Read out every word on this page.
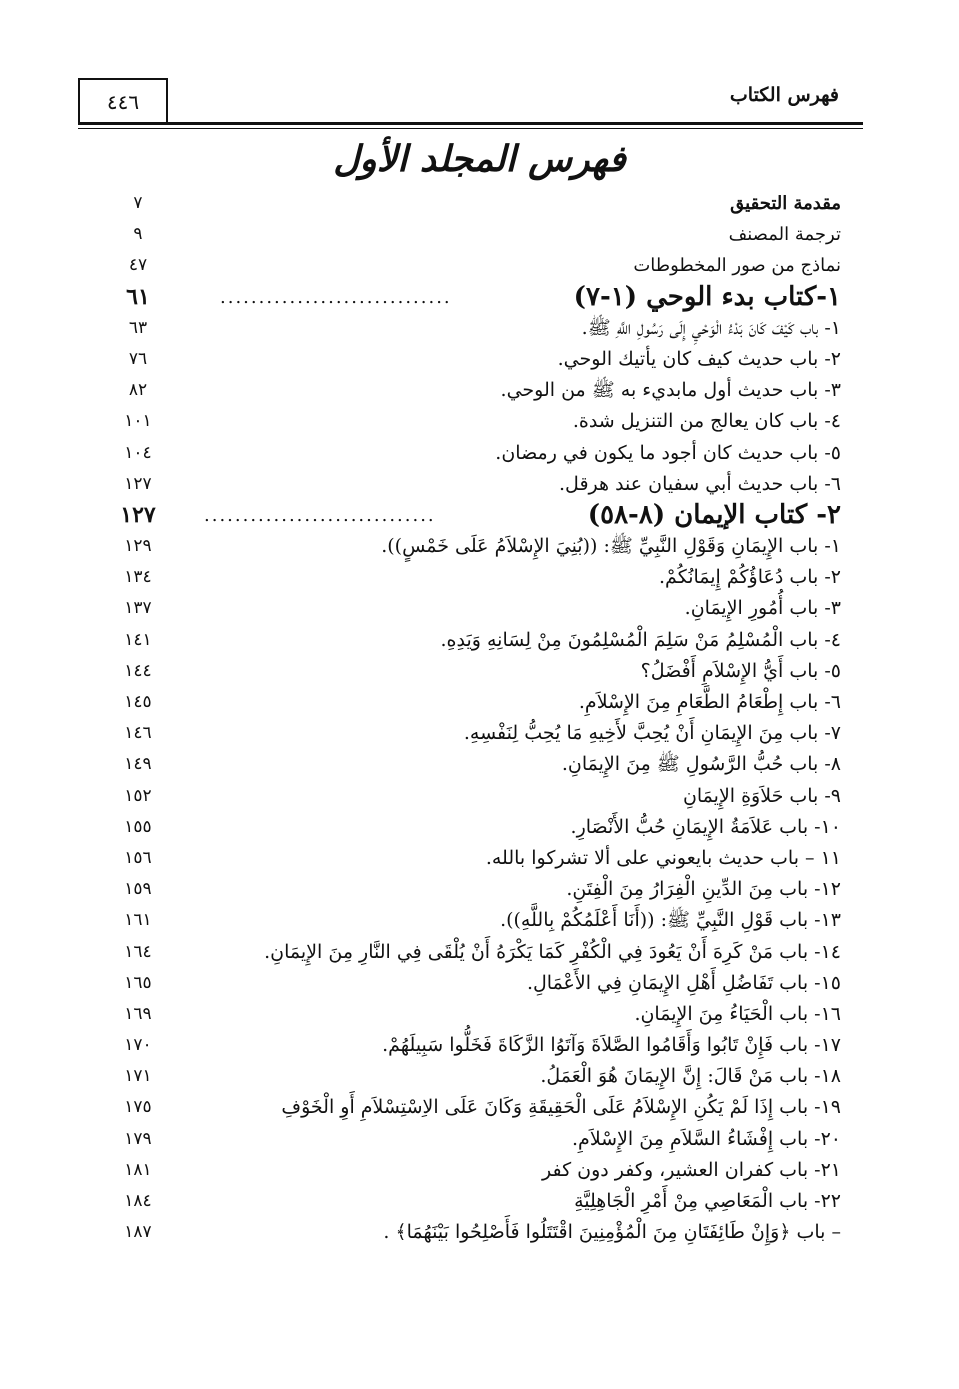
فهرس الكتاب
٤٤٦
فهرس المجلد الأول
مقدمة التحقيق
٧
ترجمة المصنف
٩
نماذج من صور المخطوطات
٤٧
١-كتاب بدء الوحي (١-٧)
..............................
٦١
١- باب كَيْفَ كَانَ بَدْءُ الْوَحْيِ إِلَى رَسُولِ اللَّهِ ﷺ.
٦٣
٢- باب حديث كيف كان يأتيك الوحي.
٧٦
٣- باب حديث أول مابديء به ﷺ من الوحي.
٨٢
٤- باب كان يعالج من التنزيل شدة.
١٠١
٥- باب حديث كان أجود ما يكون في رمضان.
١٠٤
٦- باب حديث أبي سفيان عند هرقل.
١٢٧
٢- كتاب الإيمان (٨-٥٨)
..............................
١٢٧
١- باب الإِيمَانِ وَقَوْلِ النَّبِيِّ ﷺ: ((بُنِيَ الإِسْلاَمُ عَلَى خَمْسٍ)).
١٢٩
٢- باب دُعَاؤُكُمْ إِيمَانُكُمْ.
١٣٤
٣- باب أُمُورِ الإِيمَانِ.
١٣٧
٤- باب الْمُسْلِمُ مَنْ سَلِمَ الْمُسْلِمُونَ مِنْ لِسَانِهِ وَيَدِهِ.
١٤١
٥- باب أَيُّ الإِسْلاَمِ أَفْضَلُ؟
١٤٤
٦- باب إِطْعَامُ الطَّعَامِ مِنَ الإِسْلاَمِ.
١٤٥
٧- باب مِنَ الإِيمَانِ أَنْ يُحِبَّ لأَخِيهِ مَا يُحِبُّ لِنَفْسِهِ.
١٤٦
٨- باب حُبُّ الرَّسُولِ ﷺ مِنَ الإِيمَانِ.
١٤٩
٩- باب حَلاَوَةِ الإِيمَانِ
١٥٢
١٠- باب عَلاَمَةُ الإِيمَانِ حُبُّ الأَنْصَارِ.
١٥٥
١١ – باب حديث بايعوني على ألا تشركوا بالله.
١٥٦
١٢- باب مِنَ الدِّينِ الْفِرَارُ مِنَ الْفِتَنِ.
١٥٩
١٣- باب قَوْلِ النَّبِيِّ ﷺ: ((أَنَا أَعْلَمُكُمْ بِاللَّهِ)).
١٦١
١٤- باب مَنْ كَرِهَ أَنْ يَعُودَ فِي الْكُفْرِ كَمَا يَكْرَهُ أَنْ يُلْقَى فِي النَّارِ مِنَ الإِيمَانِ.
١٦٤
١٥- باب تَفَاضُلِ أَهْلِ الإِيمَانِ فِي الأَعْمَالِ.
١٦٥
١٦- باب الْحَيَاءُ مِنَ الإِيمَانِ.
١٦٩
١٧- باب فَإِنْ تَابُوا وَأَقَامُوا الصَّلاَةَ وَآتَوُا الزَّكَاةَ فَخَلُّوا سَبِيلَهُمْ.
١٧٠
١٨- باب مَنْ قَالَ: إِنَّ الإِيمَانَ هُوَ الْعَمَلُ.
١٧١
١٩- باب إِذَا لَمْ يَكُنِ الإِسْلاَمُ عَلَى الْحَقِيقَةِ وَكَانَ عَلَى الاِسْتِسْلاَمِ أَوِ الْخَوْفِ
١٧٥
٢٠- باب إِفْشَاءُ السَّلاَمِ مِنَ الإِسْلاَمِ.
١٧٩
٢١- باب كفران العشير، وكفر دون كفر
١٨١
٢٢- باب الْمَعَاصِي مِنْ أَمْرِ الْجَاهِلِيَّةِ
١٨٤
– باب ﴿وَإِنْ طَائِفَتَانِ مِنَ الْمُؤْمِنِينَ اقْتَتَلُوا فَأَصْلِحُوا بَيْنَهُمَا﴾ .
١٨٧
